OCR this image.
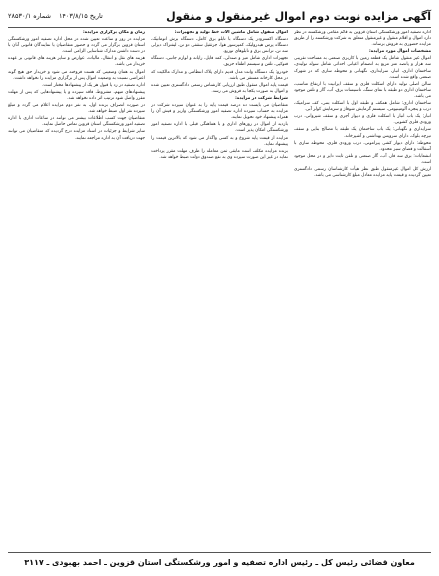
تاریخ ۱۴۰۳/۸/۱۵
شماره ۲۸۵۳۰/۱	آگهی مزایده نوبت دوم اموال غیرمنقول و منقول

اداره تصفیه امور ورشکستگی استان قزوین به قائم مقامی ورشکسته در نظر دارد اموال و اقلام منقول و غیرمنقول متعلق به شرکت ورشکسته را از طریق مزایده حضوری به فروش برساند.

مشخصات اموال مورد مزایده:

اموال غیر منقول شامل یک قطعه زمین با کاربری صنعتی به مساحت تقریبی سه هزار و پانصد متر مربع به انضمام اعیانی احداثی شامل سوله تولیدی، ساختمان اداری، انبار، سرایداری، نگهبانی و محوطه سازی که در شهرک صنعتی واقع شده است.

سالن اصلی تولید دارای اسکلت فلزی و سقف ایرانیت با ارتفاع مناسب، ساختمان اداری دو طبقه با نمای سنگ، تاسیسات برق، آب، گاز و تلفن موجود می باشد.

ساختمان اداری: شامل همکف و طبقه اول با اسکلت بتنی، کف سرامیک، درب و پنجره آلومینیومی، سیستم گرمایش شوفاژ و سرمایش کولر آبی.

انبار: یک باب انبار با اسکلت فلزی و دیوار آجری و سقف شیروانی، درب ورودی فلزی کشویی.

سرایداری و نگهبانی: یک باب ساختمان یک طبقه با مصالح بنایی و سقف تیرچه بلوک، دارای سرویس بهداشتی و آشپزخانه.

محوطه: دارای دیوار کشی پیرامونی، درب ورودی فلزی، محوطه سازی با آسفالت و فضای سبز محدود.

انشعابات: برق سه فاز، آب، گاز صنعتی و تلفن ثابت دایر و در محل موجود است.

ارزش کل اموال غیرمنقول طبق نظر هیأت کارشناسان رسمی دادگستری تعیین گردیده و قیمت پایه مزایده معادل مبلغ کارشناسی می باشد.

اموال منقول شامل ماشین آلات خط تولید و تجهیزات:

دستگاه اکسترودر یک دستگاه با تابلو برق کامل، دستگاه برش اتوماتیک، دستگاه پرس هیدرولیک، کمپرسور هوا، جرثقیل سقفی دو تن، لیفتراک دیزلی سه تن، ترانس برق و تابلوهای توزیع.

تجهیزات اداری شامل میز و صندلی، کمد فایل، رایانه و لوازم جانبی، دستگاه فتوکپی، تلفن و سیستم اطفاء حریق.

خودرو: یک دستگاه وانت مدل قدیم دارای پلاک انتظامی و مدارک مالکیت که در محل کارخانه مستقر می باشد.

قیمت پایه اموال منقول طبق ارزیابی کارشناس رسمی دادگستری تعیین شده و اموال به صورت یکجا به فروش می رسد.

شرایط شرکت در مزایده:

متقاضیان می بایست ده درصد قیمت پایه را به عنوان سپرده شرکت در مزایده به حساب سپرده اداره تصفیه امور ورشکستگی واریز و فیش آن را همراه پیشنهاد خود تحویل نمایند.

بازدید از اموال در روزهای اداری و با هماهنگی قبلی با اداره تصفیه امور ورشکستگی امکان پذیر است.

مزایده از قیمت پایه شروع و به کسی واگذار می شود که بالاترین قیمت را پیشنهاد نماید.

برنده مزایده مکلف است مابقی ثمن معامله را ظرف مهلت مقرر پرداخت نماید در غیر این صورت سپرده وی به نفع صندوق دولت ضبط خواهد شد.

زمان و مکان برگزاری مزایده:

مزایده در روز و ساعت تعیین شده در محل اداره تصفیه امور ورشکستگی استان قزوین برگزار می گردد و حضور متقاضیان یا نمایندگان قانونی آنان با در دست داشتن مدارک شناسایی الزامی است.

هزینه های نقل و انتقال، مالیات، عوارض و سایر هزینه های قانونی بر عهده خریدار می باشد.

اموال به همان وضعیتی که هست فروخته می شود و خریدار حق هیچ گونه اعتراضی نسبت به وضعیت اموال پس از برگزاری مزایده را نخواهد داشت.

اداره تصفیه در رد یا قبول هر یک از پیشنهادها مختار است.

پیشنهادهای مبهم، مشروط، فاقد سپرده و یا پیشنهادهایی که پس از مهلت مقرر واصل شود ترتیب اثر داده نخواهد شد.

در صورت انصراف برنده اول، به نفر دوم مزایده اعلام می گردد و مبلغ سپرده نفر اول ضبط خواهد شد.

متقاضیان جهت کسب اطلاعات بیشتر می توانند در ساعات اداری با اداره تصفیه امور ورشکستگی استان قزوین تماس حاصل نمایند.

سایر شرایط و جزئیات در اسناد مزایده درج گردیده که متقاضیان می توانند جهت دریافت آن به اداره مراجعه نمایند.

معاون قضائی رئیس کل ـ رئیس اداره تصفیه و امور ورشکستگی استان قزوین ـ احمد بهبودی ـ ۳۱۱۷
